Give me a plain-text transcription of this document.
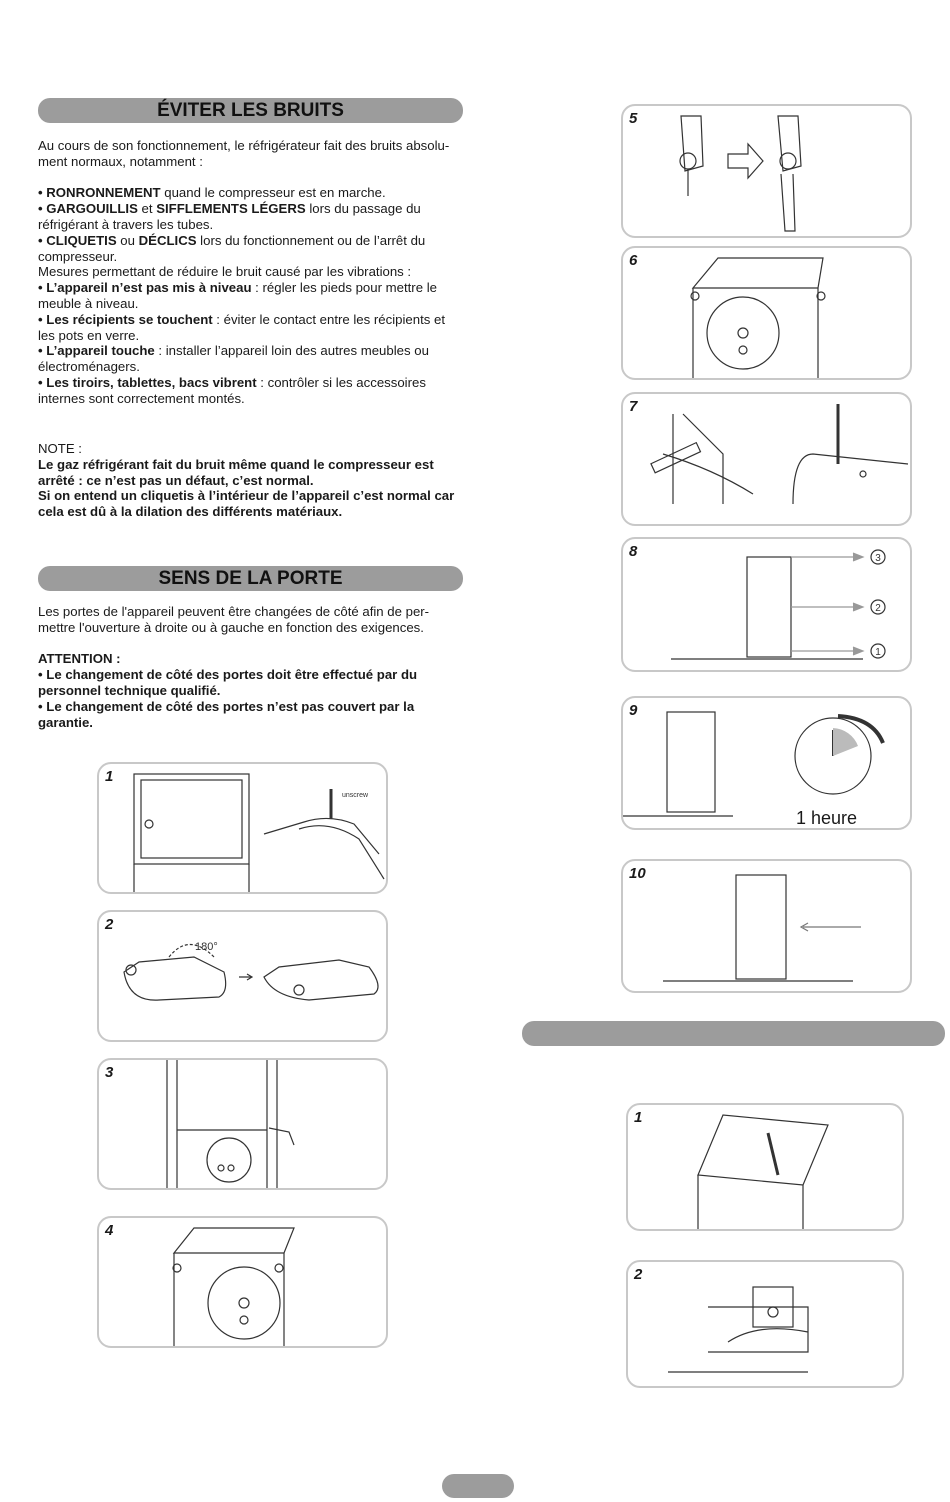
ÉVITER LES BRUITS

Au cours de son fonctionnement, le réfrigérateur fait des bruits absolu-ment normaux, notamment :

• RONRONNEMENT quand le compresseur est en marche.

• GARGOUILLIS et SIFFLEMENTS LÉGERS lors du passage du réfrigérant à travers les tubes.

• CLIQUETIS ou DÉCLICS lors du fonctionnement ou de l’arrêt du compresseur.

Mesures permettant de réduire le bruit causé par les vibrations :

• L’appareil n’est pas mis à niveau : régler les pieds pour mettre le meuble à niveau.

• Les récipients se touchent : éviter le contact entre les récipients et les pots en verre.

• L’appareil touche : installer l’appareil loin des autres meubles ou électroménagers.

• Les tiroirs, tablettes, bacs vibrent : contrôler si les accessoires internes sont correctement montés.

NOTE :

Le gaz réfrigérant fait du bruit même quand le compresseur est arrêté : ce n’est pas un défaut, c’est normal.

Si on entend un cliquetis à l’intérieur de l’appareil c’est normal car cela est dû à la dilation des différents matériaux.

SENS DE LA PORTE

Les portes de l'appareil peuvent être changées de côté afin de per-mettre l'ouverture à droite ou à gauche en fonction des exigences.

ATTENTION :

• Le changement de côté des portes doit être effectué par du personnel technique qualifié.

• Le changement de côté des portes n’est pas couvert par la garantie.

1
unscrew
2
180°
3
4
5
6
7
8	3
2
1
9
1 heure
10
1
2
